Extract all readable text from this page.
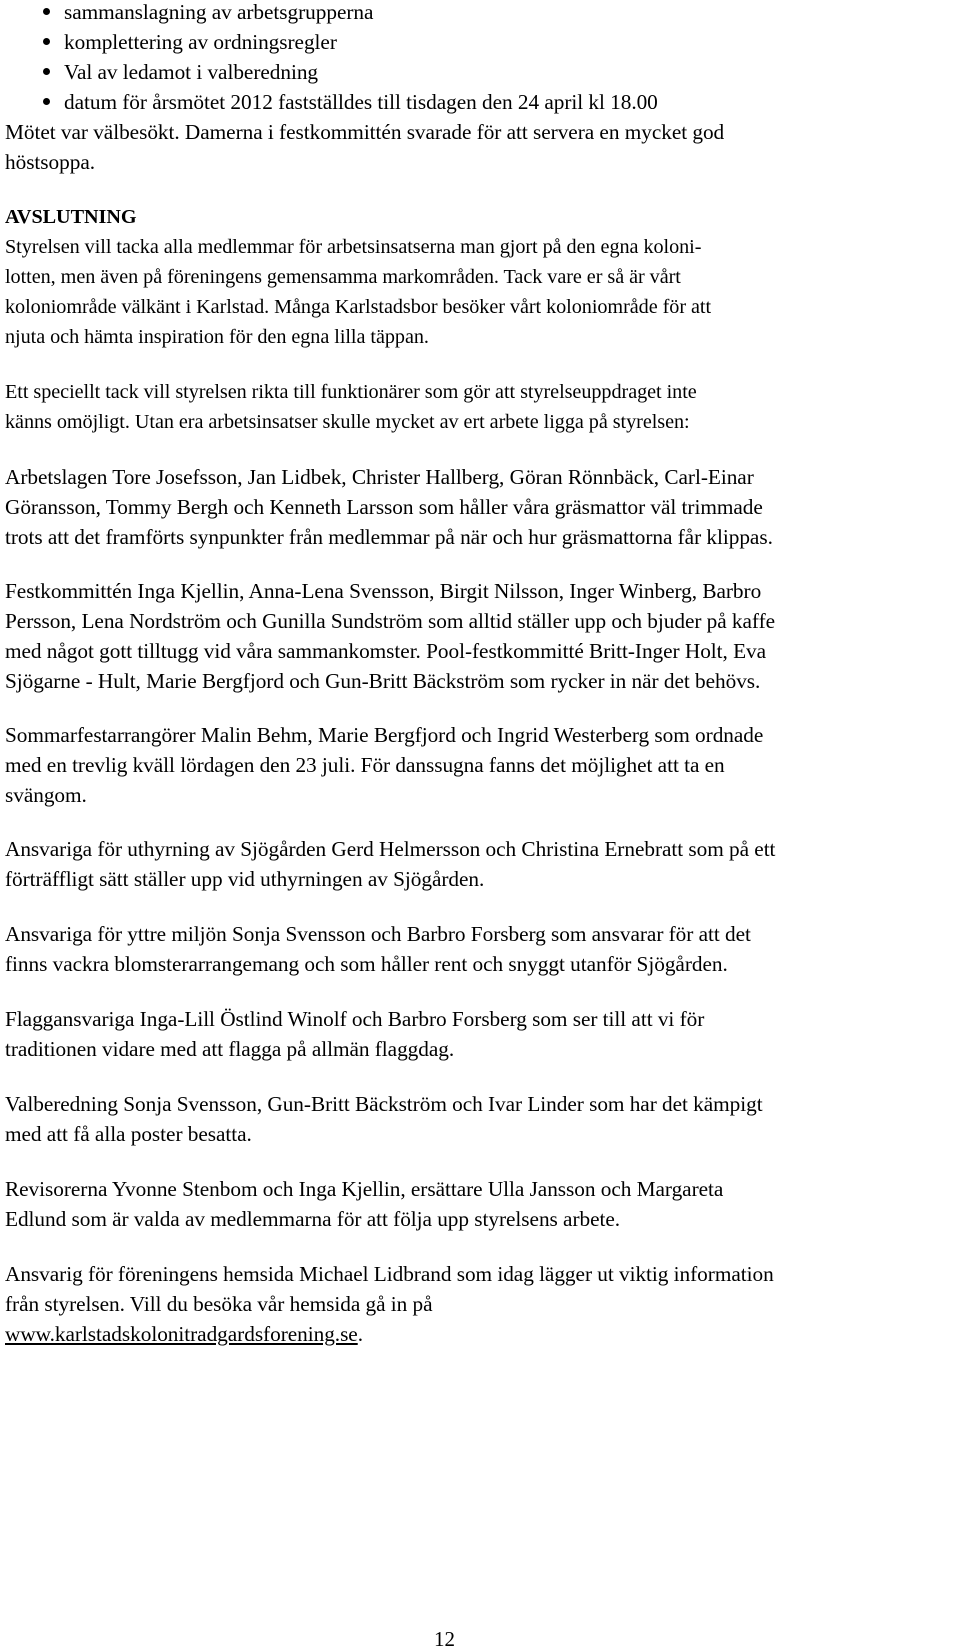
sammanslagning av arbetsgrupperna
komplettering av ordningsregler
Val av ledamot i valberedning
datum för årsmötet 2012 fastställdes till tisdagen den 24 april kl 18.00
Mötet var välbesökt. Damerna i festkommittén svarade för att servera en mycket god
höstsoppa.
AVSLUTNING
Styrelsen vill tacka alla medlemmar för arbetsinsatserna man gjort på den egna koloni-
lotten, men även på föreningens gemensamma markområden. Tack vare er så är vårt
koloniområde välkänt i Karlstad. Många Karlstadsbor besöker vårt koloniområde för att
njuta och hämta inspiration för den egna lilla täppan.
Ett speciellt tack vill styrelsen rikta till funktionärer som gör att styrelseuppdraget inte
känns omöjligt. Utan era arbetsinsatser skulle mycket av ert arbete ligga på styrelsen:
Arbetslagen Tore Josefsson, Jan Lidbek, Christer Hallberg, Göran Rönnbäck, Carl-Einar
Göransson, Tommy Bergh och Kenneth Larsson som håller våra gräsmattor väl trimmade
trots att det framförts synpunkter från medlemmar på när och hur gräsmattorna får klippas.
Festkommittén Inga Kjellin, Anna-Lena Svensson, Birgit Nilsson, Inger Winberg, Barbro
Persson, Lena Nordström och Gunilla Sundström som alltid ställer upp och bjuder på kaffe
med något gott tilltugg vid våra sammankomster. Pool-festkommitté Britt-Inger Holt, Eva
Sjögarne - Hult, Marie Bergfjord och Gun-Britt Bäckström som rycker in när det behövs.
Sommarfestarrangörer Malin Behm, Marie Bergfjord och Ingrid Westerberg som ordnade
med en trevlig kväll lördagen den 23 juli. För danssugna fanns det möjlighet att ta en
svängom.
Ansvariga för uthyrning av Sjögården Gerd Helmersson och Christina Ernebratt som på ett
förträffligt sätt ställer upp vid uthyrningen av Sjögården.
Ansvariga för yttre miljön Sonja Svensson och Barbro Forsberg som ansvarar för att det
finns vackra blomsterarrangemang och som håller rent och snyggt utanför Sjögården.
Flaggansvariga Inga-Lill Östlind Winolf och Barbro Forsberg som ser till att vi för
traditionen vidare med att flagga på allmän flaggdag.
Valberedning Sonja Svensson, Gun-Britt Bäckström och Ivar Linder som har det kämpigt
med att få alla poster besatta.
Revisorerna Yvonne Stenbom och Inga Kjellin, ersättare Ulla Jansson och Margareta
Edlund som är valda av medlemmarna för att följa upp styrelsens arbete.
Ansvarig för föreningens hemsida Michael Lidbrand som idag lägger ut viktig information
från styrelsen. Vill du besöka vår hemsida gå in på
www.karlstadskolonitradgardsforening.se.
12
